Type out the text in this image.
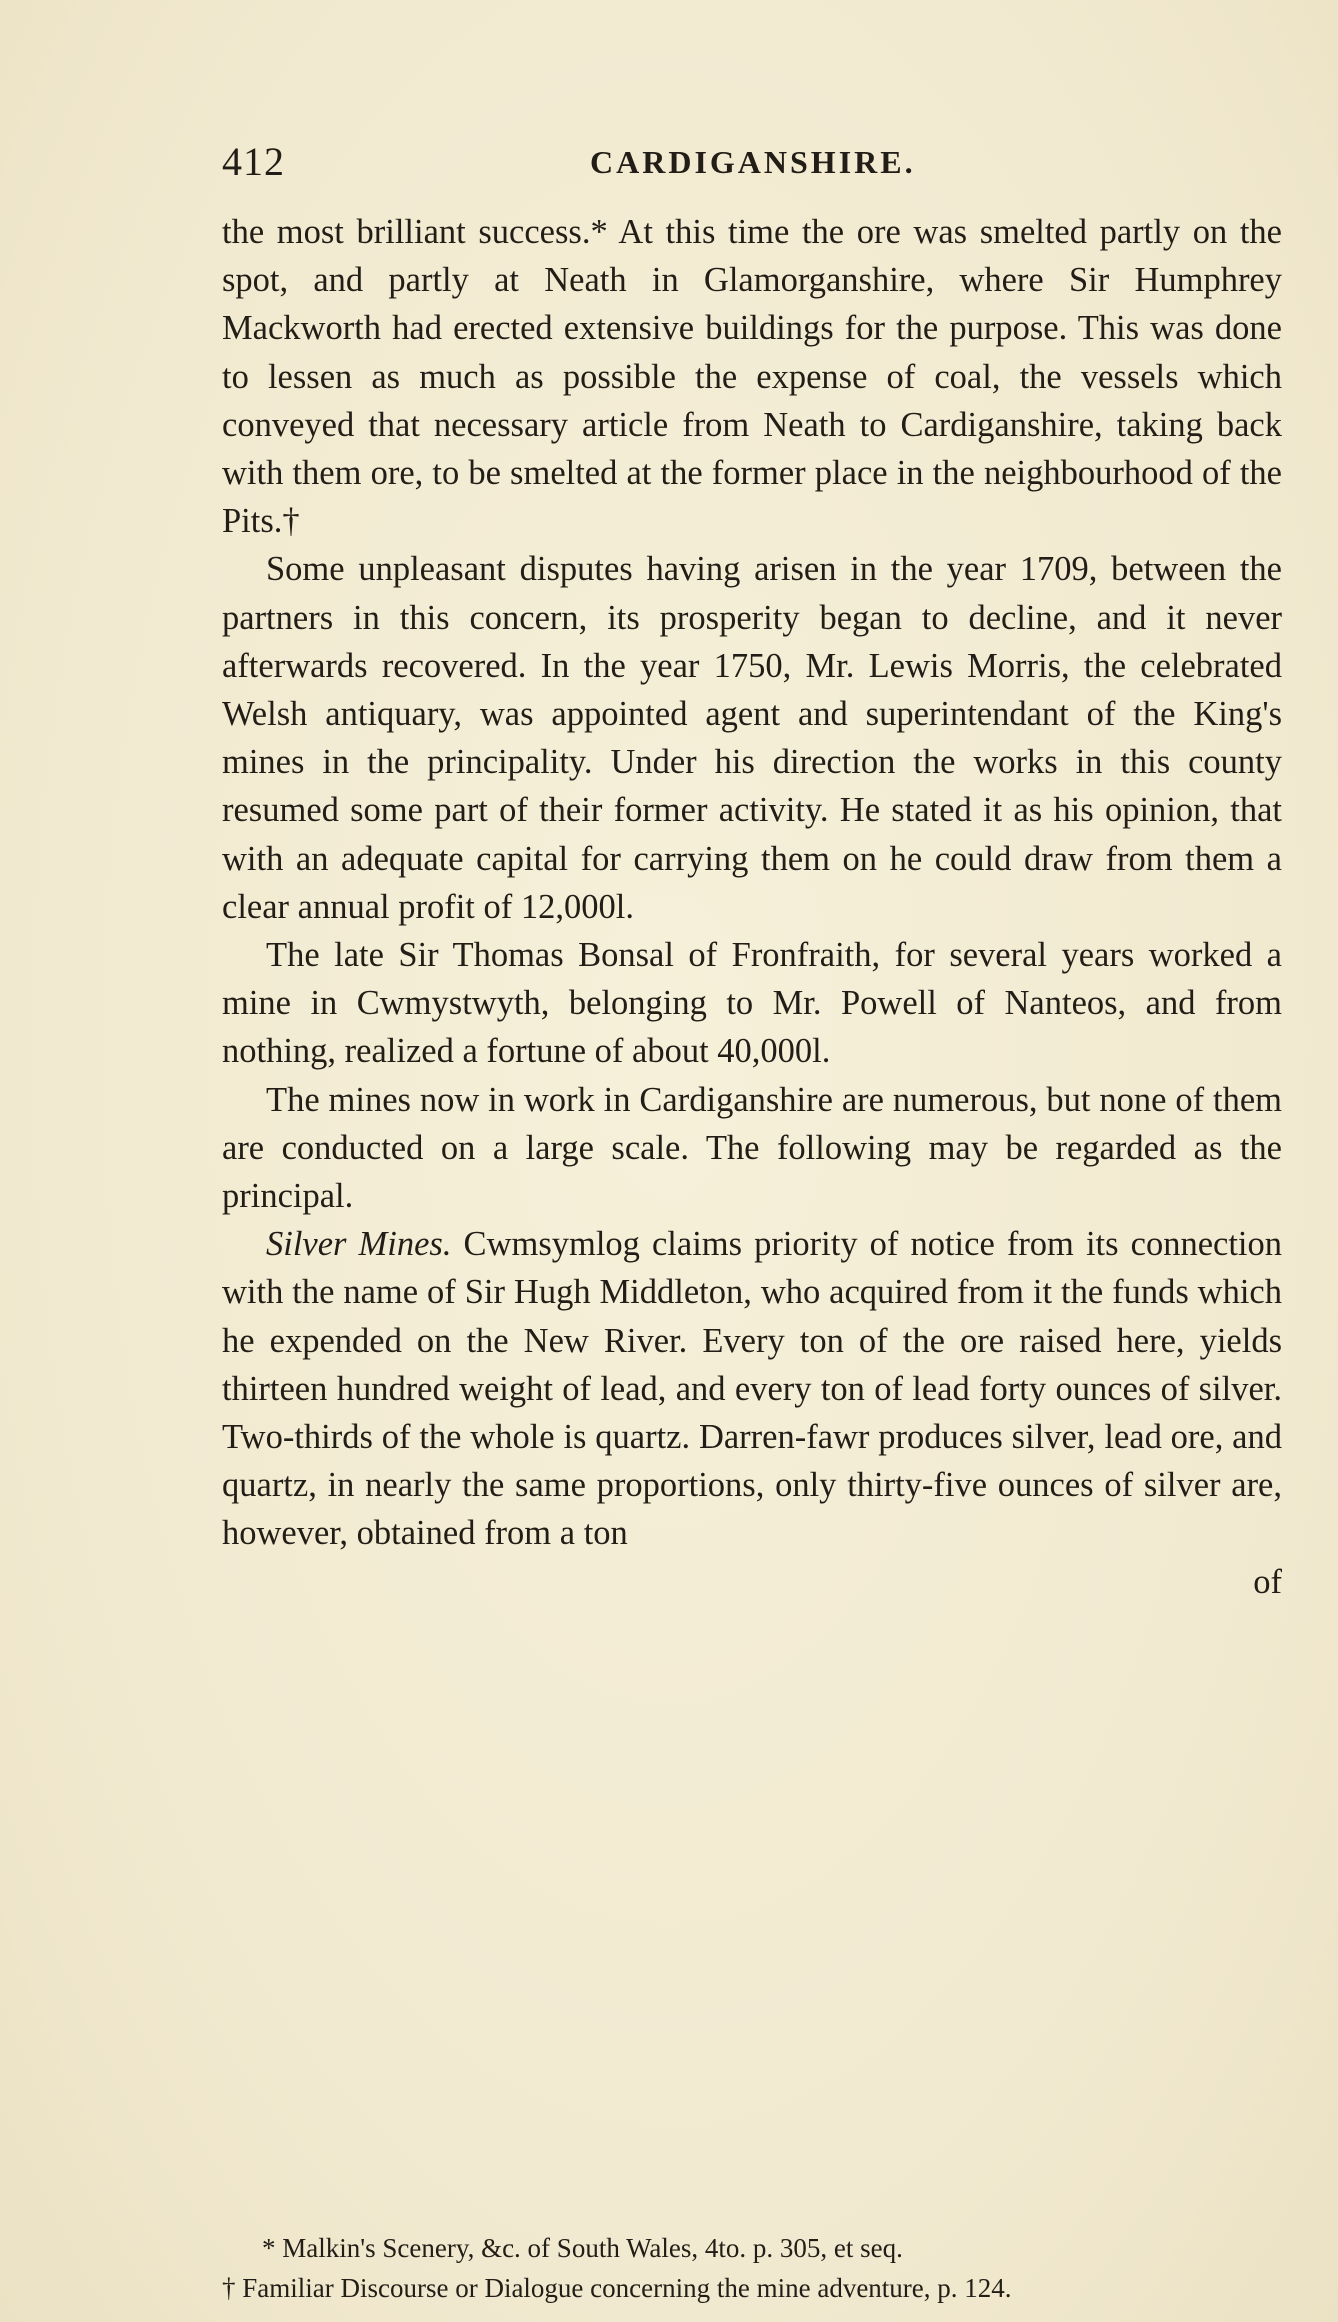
412	CARDIGANSHIRE.

the most brilliant success.* At this time the ore was smelted partly on the spot, and partly at Neath in Glamorganshire, where Sir Humphrey Mackworth had erected extensive buildings for the purpose. This was done to lessen as much as possible the expense of coal, the vessels which conveyed that necessary article from Neath to Cardiganshire, taking back with them ore, to be smelted at the former place in the neighbourhood of the Pits.†

Some unpleasant disputes having arisen in the year 1709, between the partners in this concern, its prosperity began to decline, and it never afterwards recovered. In the year 1750, Mr. Lewis Morris, the celebrated Welsh antiquary, was appointed agent and superintendant of the King's mines in the principality. Under his direction the works in this county resumed some part of their former activity. He stated it as his opinion, that with an adequate capital for carrying them on he could draw from them a clear annual profit of 12,000l.

The late Sir Thomas Bonsal of Fronfraith, for several years worked a mine in Cwmystwyth, belonging to Mr. Powell of Nanteos, and from nothing, realized a fortune of about 40,000l.

The mines now in work in Cardiganshire are numerous, but none of them are conducted on a large scale. The following may be regarded as the principal.

Silver Mines. Cwmsymlog claims priority of notice from its connection with the name of Sir Hugh Middleton, who acquired from it the funds which he expended on the New River. Every ton of the ore raised here, yields thirteen hundred weight of lead, and every ton of lead forty ounces of silver. Two-thirds of the whole is quartz. Darren-fawr produces silver, lead ore, and quartz, in nearly the same proportions, only thirty-five ounces of silver are, however, obtained from a ton

of

* Malkin's Scenery, &c. of South Wales, 4to. p. 305, et seq.

† Familiar Discourse or Dialogue concerning the mine adventure, p. 124.
